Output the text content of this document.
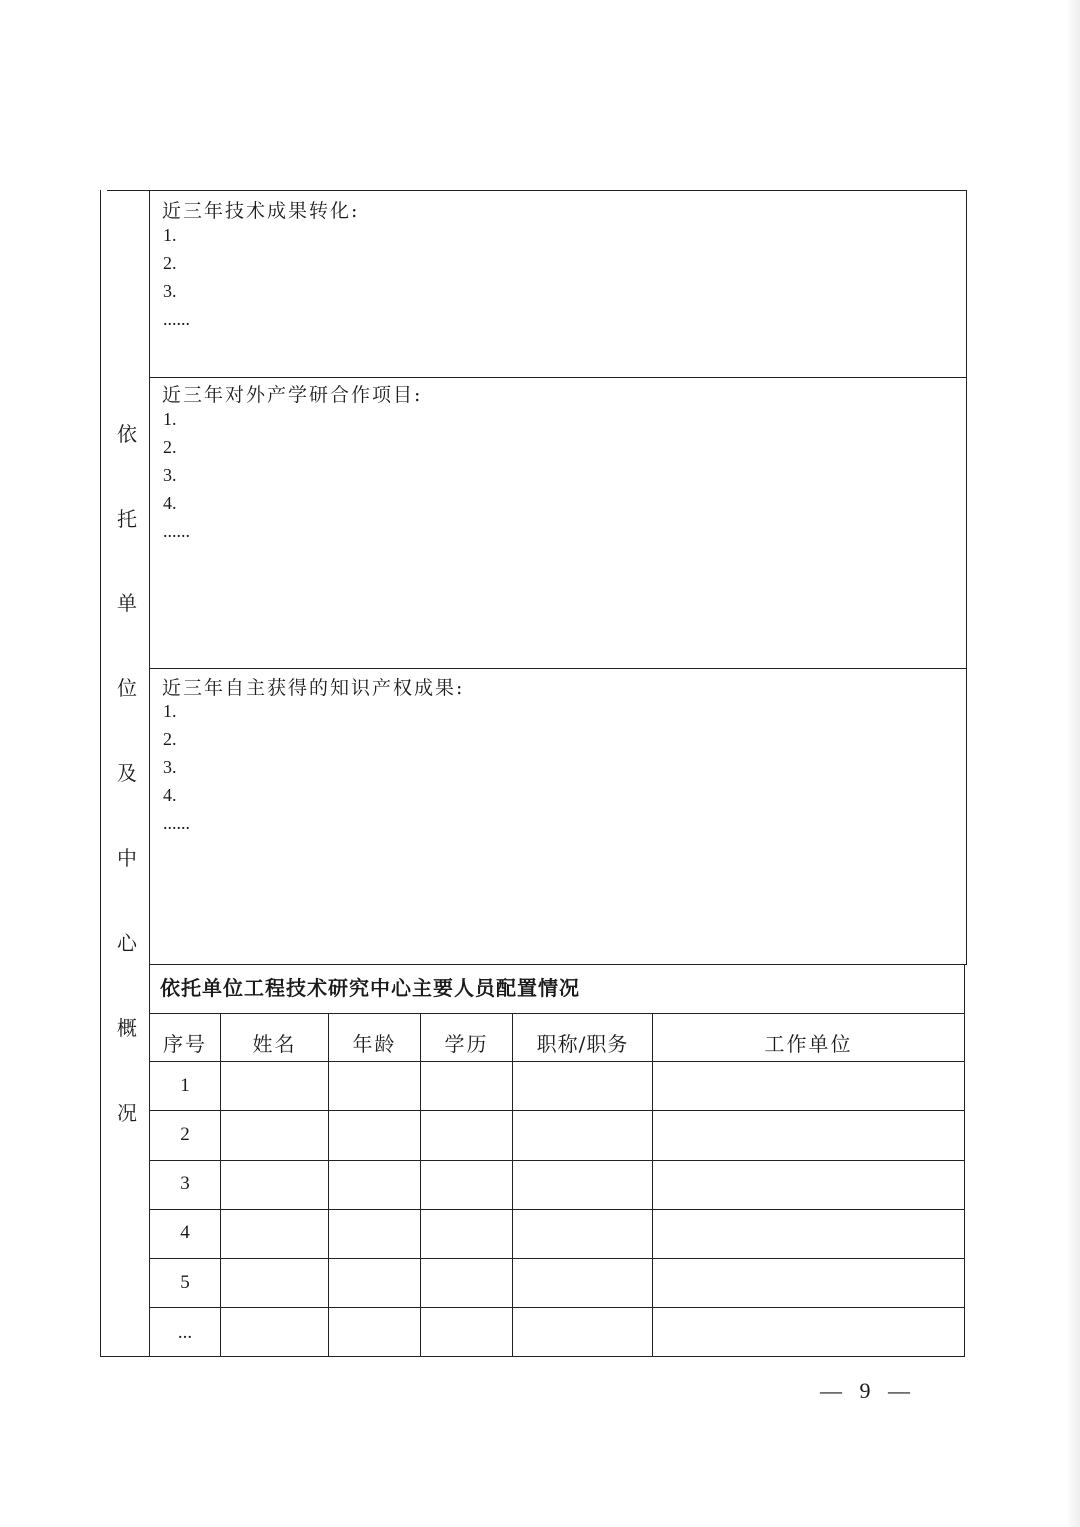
依
托
单
位
及
中
心
概
况
近三年技术成果转化:
1.
2.
3.
......
近三年对外产学研合作项目:
1.
2.
3.
4.
......
近三年自主获得的知识产权成果:
1.
2.
3.
4.
......
依托单位工程技术研究中心主要人员配置情况
序号	姓名	年龄	学历	职称/职务	工作单位
1
2
3
4
5
...
— 9 —
